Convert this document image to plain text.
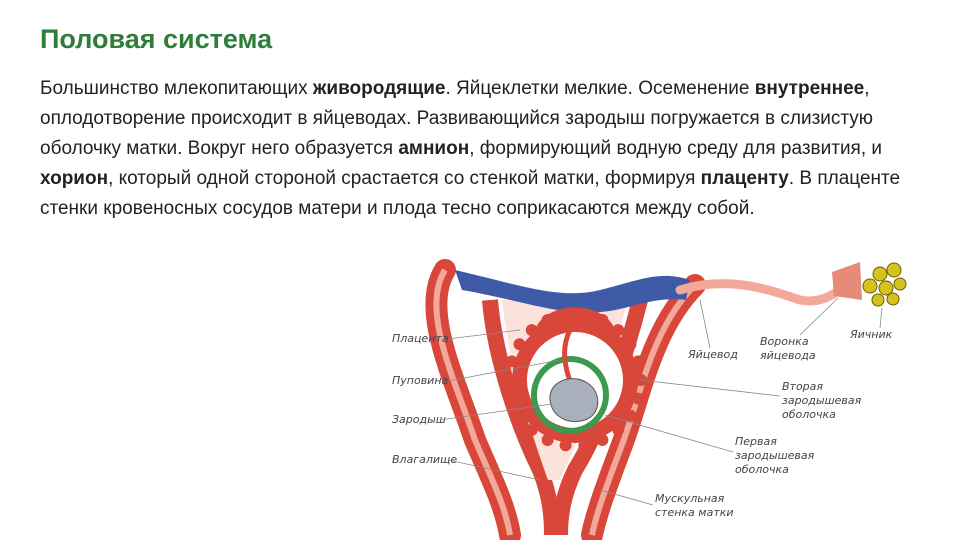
Половая система

Большинство млекопитающих живородящие. Яйцеклетки мелкие. Осеменение внутреннее, оплодотворение происходит в яйцеводах. Развивающийся зародыш погружается в слизистую оболочку матки. Вокруг него образуется амнион, формирующий водную среду для развития, и хорион, который одной стороной срастается со стенкой матки, формируя плаценту. В плаценте стенки кровеносных сосудов матери и плода тесно соприкасаются между собой.

Плацента
Пуповина
Зародыш
Влагалище
Яйцевод
Воронка
яйцевода
Яичник
Вторая
зародышевая
оболочка
Первая
зародышевая
оболочка
Мускульная
стенка матки
